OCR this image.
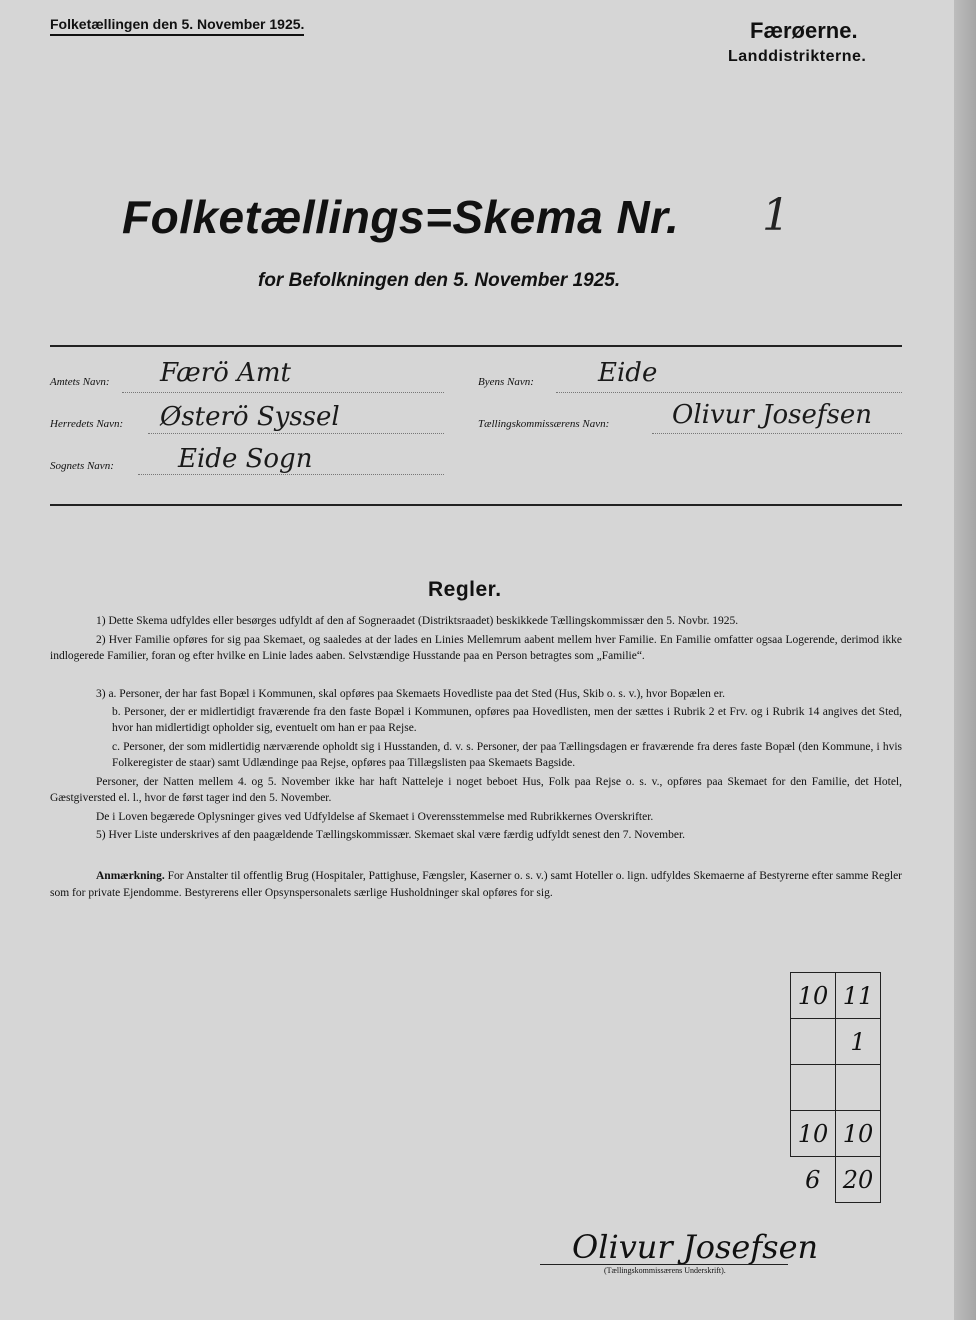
Folketællingen den 5. November 1925.	Færøerne.
Landdistrikterne.
Folketællings=Skema Nr. 1
for Befolkningen den 5. November 1925.
Amtets Navn: Færö Amt	Byens Navn: Eide
Herredets Navn: Østerö Syssel	Tællingskommissærens Navn: Olivur Josefsen
Sognets Navn: Eide Sogn
Regler.
1) Dette Skema udfyldes eller besørges udfyldt af den af Sogneraadet (Distriktsraadet) beskikkede Tællingskommissær den 5. Novbr. 1925.
2) Hver Familie opføres for sig paa Skemaet, og saaledes at der lades en Linies Mellemrum aabent mellem hver Familie. En Familie omfatter ogsaa Logerende, derimod ikke indlogerede Familier, foran og efter hvilke en Linie lades aaben. Selvstændige Husstande paa en Person betragtes som „Familie“.
3) a. Personer, der har fast Bopæl i Kommunen, skal opføres paa Skemaets Hovedliste paa det Sted (Hus, Skib o. s. v.), hvor Bopælen er.
b. Personer, der er midlertidigt fraværende fra den faste Bopæl i Kommunen, opføres paa Hovedlisten, men der sættes i Rubrik 2 et Frv. og i Rubrik 14 angives det Sted, hvor han midlertidigt opholder sig, eventuelt om han er paa Rejse.
c. Personer, der som midlertidig nærværende opholdt sig i Husstanden, d. v. s. Personer, der paa Tællingsdagen er fraværende fra deres faste Bopæl (den Kommune, i hvis Folkeregister de staar) samt Udlændinge paa Rejse, opføres paa Tillægslisten paa Skemaets Bagside.
Personer, der Natten mellem 4. og 5. November ikke har haft Natteleje i noget beboet Hus, Folk paa Rejse o. s. v., opføres paa Skemaet for den Familie, det Hotel, Gæstgiversted el. l., hvor de først tager ind den 5. November.
De i Loven begærede Oplysninger gives ved Udfyldelse af Skemaet i Overensstemmelse med Rubrikkernes Overskrifter.
5) Hver Liste underskrives af den paagældende Tællingskommissær. Skemaet skal være færdig udfyldt senest den 7. November.
Anmærkning. For Anstalter til offentlig Brug (Hospitaler, Pattighuse, Fængsler, Kaserner o. s. v.) samt Hoteller o. lign. udfyldes Skemaerne af Bestyrerne efter samme Regler som for private Ejendomme. Bestyrerens eller Opsynspersonalets særlige Husholdninger skal opføres for sig.
10	11
	1

10	10
6	20
Olivur Josefsen
(Tællingskommissærens Underskrift).
